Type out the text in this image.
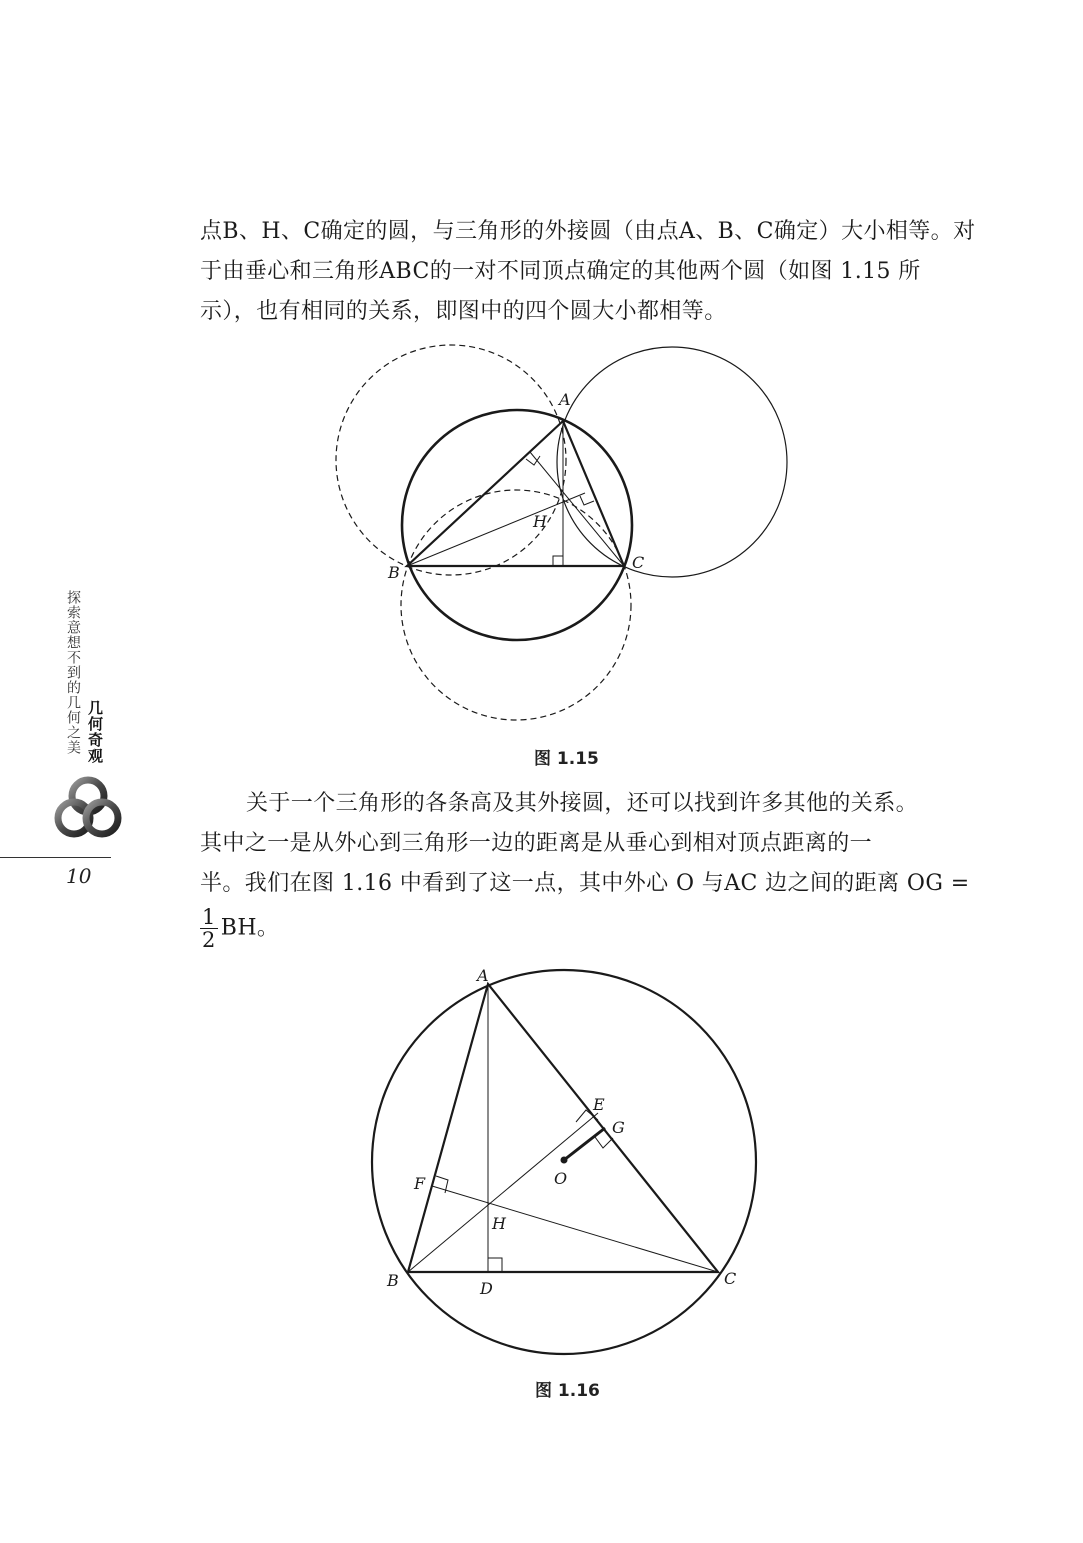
点B、H、C确定的圆，与三角形的外接圆（由点A、B、C确定）大小相等。对
于由垂心和三角形ABC的一对不同顶点确定的其他两个圆（如图 1.15 所
示），也有相同的关系，即图中的四个圆大小都相等。
A
B
C
H
图 1.15
关于一个三角形的各条高及其外接圆，还可以找到许多其他的关系。
其中之一是从外心到三角形一边的距离是从垂心到相对顶点距离的一
半。我们在图 1.16 中看到了这一点，其中外心 O 与AC 边之间的距离 OG =
$\frac{1}{2}$ BH。
A
B	C
D
E
F
G
H
O
图 1.16
探索意想不到的几何之美 几何奇观
10
